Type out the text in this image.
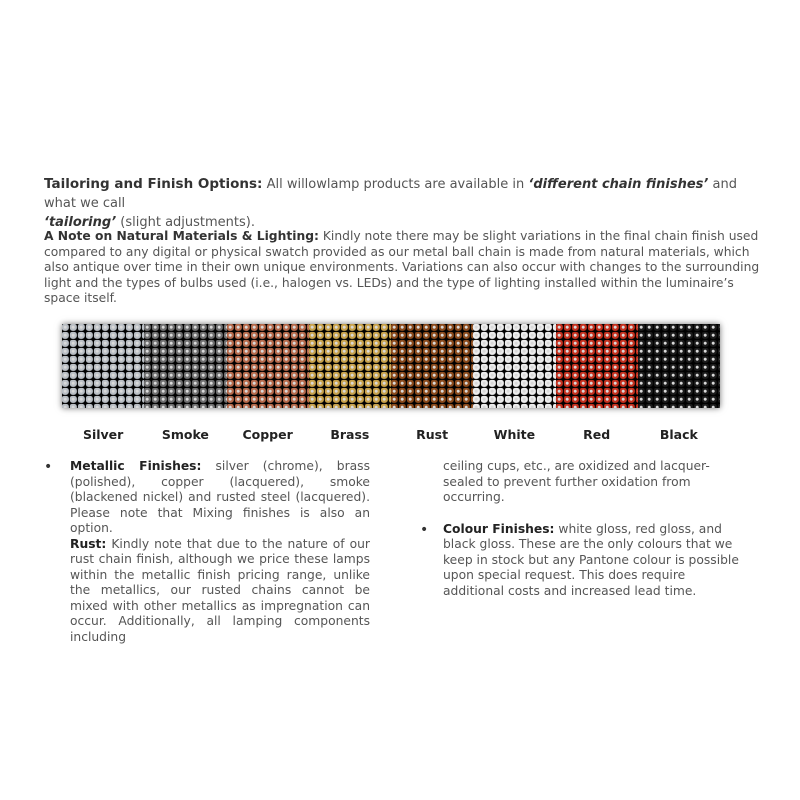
Tailoring and Finish Options: All willowlamp products are available in ‘different chain finishes’ and what we call
‘tailoring’ (slight adjustments).
A Note on Natural Materials & Lighting: Kindly note there may be slight variations in the final chain finish used compared to any digital or physical swatch provided as our metal ball chain is made from natural materials, which also antique over time in their own unique environments. Variations can also occur with changes to the surrounding light and the types of bulbs used (i.e., halogen vs. LEDs) and the type of lighting installed within the luminaire’s space itself.
Silver	Smoke	Copper	Brass	Rust	White	Red	Black
• Metallic Finishes: silver (chrome), brass (polished), copper (lacquered), smoke (blackened nickel) and rusted steel (lacquered). Please note that Mixing finishes is also an option.
Rust: Kindly note that due to the nature of our rust chain finish, although we price these lamps within the metallic finish pricing range, unlike the metallics, our rusted chains cannot be mixed with other metallics as impregnation can occur. Additionally, all lamping components including
ceiling cups, etc., are oxidized and lacquer-sealed to prevent further oxidation from occurring.
• Colour Finishes: white gloss, red gloss, and black gloss. These are the only colours that we keep in stock but any Pantone colour is possible upon special request. This does require additional costs and increased lead time.
